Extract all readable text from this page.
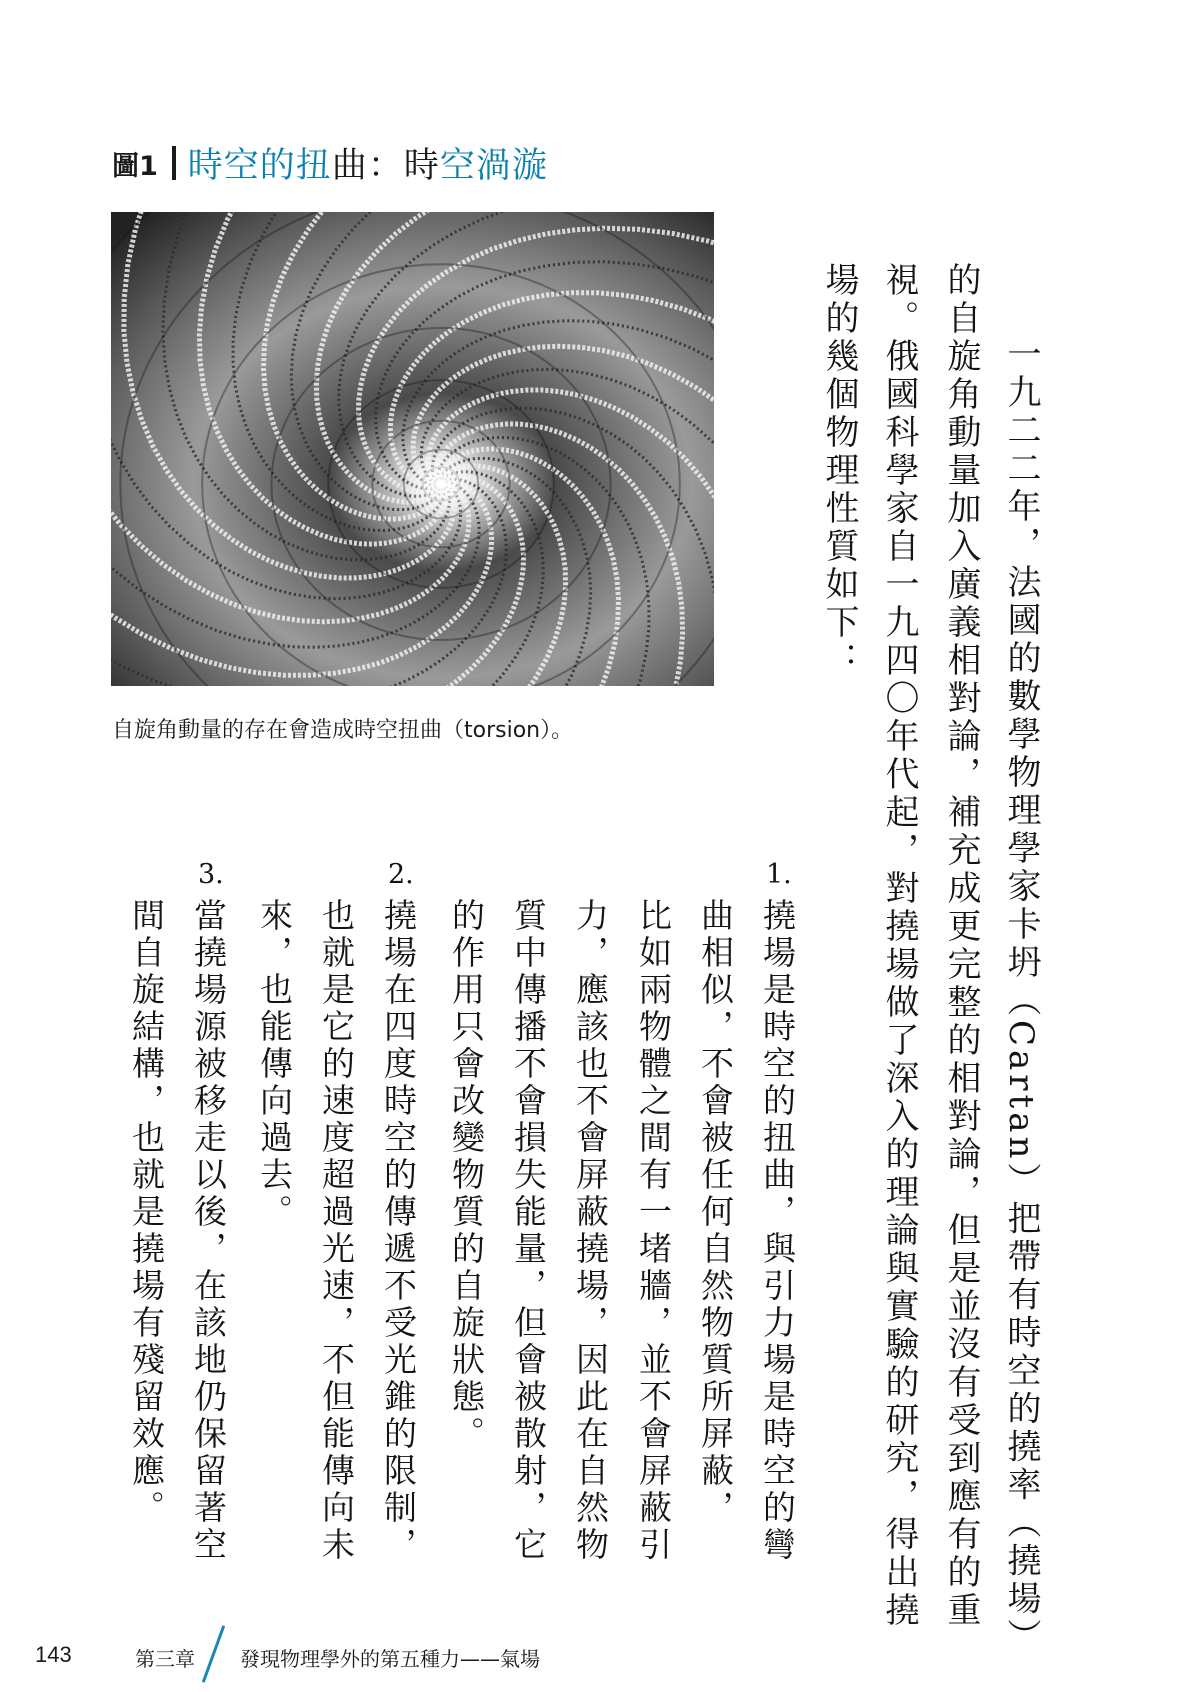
圖1 時空的扭曲：時空渦漩
自旋角動量的存在會造成時空扭曲（torsion）。	一九二二年，法國的數學物理學家卡坍（Cartan）把帶有時空的撓率（撓場）
的自旋角動量加入廣義相對論，補充成更完整的相對論，但是並沒有受到應有的重
視。俄國科學家自一九四〇年代起，對撓場做了深入的理論與實驗的研究，得出撓
場的幾個物理性質如下：
1.
撓場是時空的扭曲，與引力場是時空的彎
曲相似，不會被任何自然物質所屏蔽，
比如兩物體之間有一堵牆，並不會屏蔽引
力，應該也不會屏蔽撓場，因此在自然物
質中傳播不會損失能量，但會被散射，它
的作用只會改變物質的自旋狀態。
2.
撓場在四度時空的傳遞不受光錐的限制，
也就是它的速度超過光速，不但能傳向未
來，也能傳向過去。
3.
當撓場源被移走以後，在該地仍保留著空
間自旋結構，也就是撓場有殘留效應。
143	第三章 發現物理學外的第五種力——氣場
